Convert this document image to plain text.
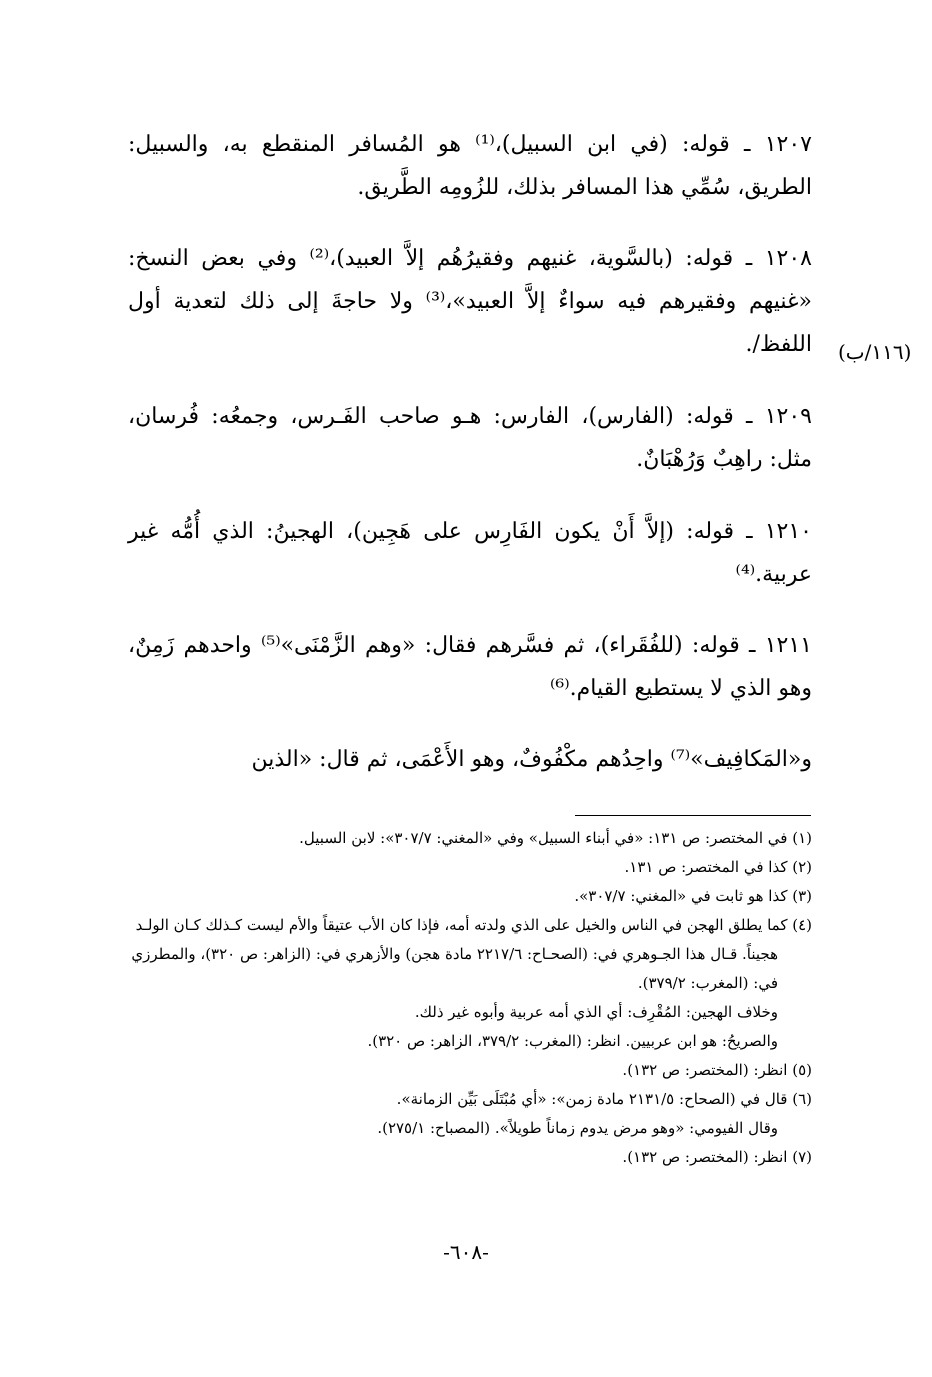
١٢٠٧ ـ قوله: (في ابن السبيل)،⁽¹⁾ هو المُسافر المنقطع به، والسبيل: الطريق، سُمِّي هذا المسافر بذلك، للزُومِه الطَّريق.

١٢٠٨ ـ قوله: (بالسَّوية، غنيهم وفقيرُهُم إلاَّ العبيد)،⁽²⁾ وفي بعض النسخ: «غنيهم وفقيرهم فيه سواءٌ إلاَّ العبيد»،⁽³⁾ ولا حاجةَ إلى ذلك لتعدية أول اللفظ/. (١١٦/ب)

١٢٠٩ ـ قوله: (الفارس)، الفارس: هـو صاحب الفَـرس، وجمعُه: فُرسان، مثل: راهِبٌ وَرُهْبَانٌ.

١٢١٠ ـ قوله: (إلاَّ أَنْ يكون الفَارِس على هَجِين)، الهجينُ: الذي أُمُّه غير عربية.⁽⁴⁾

١٢١١ ـ قوله: (للفُقَراء)، ثم فسَّرهم فقال: «وهم الزَّمْنَى»⁽⁵⁾ واحدهم زَمِنٌ، وهو الذي لا يستطيع القيام.⁽⁶⁾

و«المَكافِيف»⁽⁷⁾ واحِدُهم مكْفُوفٌ، وهو الأَعْمَى، ثم قال: «الذين

(١) في المختصر: ص ١٣١: «في أبناء السبيل» وفي «المغني: ٣٠٧/٧»: لابن السبيل.

(٢) كذا في المختصر: ص ١٣١.

(٣) كذا هو ثابت في «المغني: ٣٠٧/٧».

(٤) كما يطلق الهجن في الناس والخيل على الذي ولدته أمه، فإذا كان الأب عتيقاً والأم ليست كـذلك كـان الولـد هجيناً. قـال هذا الجـوهري في: (الصحـاح: ٢٢١٧/٦ مادة هجن) والأزهري في: (الزاهر: ص ٣٢٠)، والمطرزي في: (المغرب: ٣٧٩/٢).

وخلاف الهجين: المُقْرِف: أي الذي أمه عربية وأبوه غير ذلك.

والصريحُ: هو ابن عربيين. انظر: (المغرب: ٣٧٩/٢، الزاهر: ص ٣٢٠).

(٥) انظر: (المختصر: ص ١٣٢).

(٦) قال في (الصحاح: ٢١٣١/٥ مادة زمن»: «أي مُبْتَلَى بَيِّن الزمانة».

وقال الفيومي: «وهو مرض يدوم زماناً طويلاً». (المصباح: ٢٧٥/١).

(٧) انظر: (المختصر: ص ١٣٢).

-٦٠٨-
